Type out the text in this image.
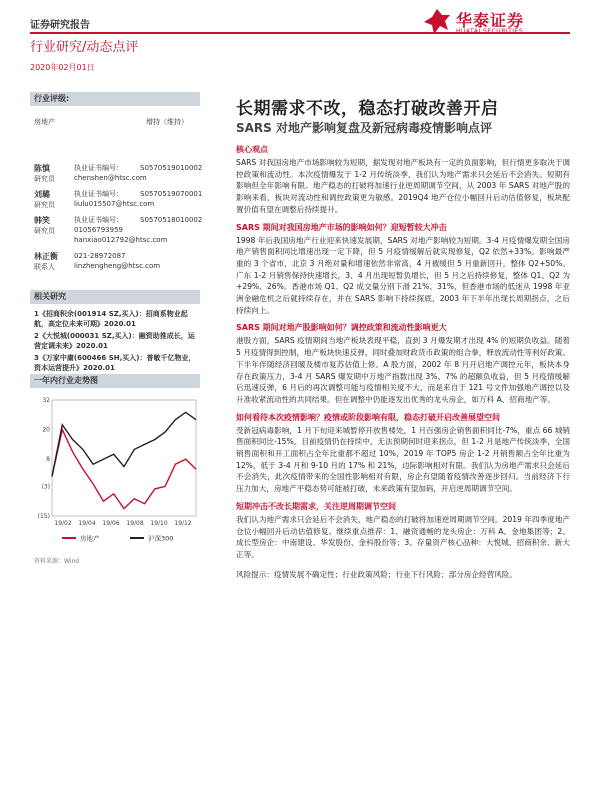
证券研究报告	华泰证券
行业研究/动态点评
2020年02月01日
行业评级:
房地产	增持（维持）
陈慎
研究员
执业证书编号： S0570519010002
chenshen@htsc.com
刘璐
研究员
执业证书编号： S0570519070001
liulu015507@htsc.com
韩笑
研究员
执业证书编号： S0570518010002
01056793959
hanxiao012792@htsc.com
林正衡
联系人
021-28972087
linzhengheng@htsc.com
相关研究
1《招商积余(001914 SZ,买入)：招商系物业起航，高定位未来可期》2020.01
2《大悦城(000031 SZ,买入)：融资助推成长，运营定调未来》2020.01
3《万家中庸(600466 SH,买入)：普敏千亿物业，资本运营提升》2020.01
一年内行业走势图
(15)
(3)
8
20
32
19/02 19/04 19/06 19/08 19/10 19/12
房地产	沪深300
资料来源：Wind
长期需求不改，稳态打破改善开启
SARS 对地产影响复盘及新冠病毒疫情影响点评
核心观点
SARS 对我国房地产市场影响较为短期，据发现对地产板块有一定的负面影响，但行情更多取决于调控政策和流动性。本次疫情爆发于 1-2 月传统淡季，我们认为地产需求只会延后不会消失。短期有影响但全年影响有限。地产稳态的打破将加速行业逆周期调节空间，从 2003 年 SARS 对地产股的影响来看，板块对流动性和调控政策更为敏感。2019Q4 地产仓位小幅回升后动估值修复，板块配置价值有望在调整后持续提升。
SARS 期间对我国房地产市场的影响如何？迎短暂较大冲击
1998 年后我国房地产行业迎来快速发展期，SARS 对地产影响较为短期。3-4 月疫情爆发期全国房地产销售面积同比增速出现一定下降，但 5 月疫情缓解后就实现修复，Q2 依然+33%。影响最严重的 3 个省市，北京 3 月绝对量和增速依然非常高，4 月被缓但 5 月重新回升，整体 Q2+50%。广东 1-2 月销售保持快速增长，3、4 月出现短暂负增长，但 5 月之后持续修复，整体 Q1、Q2 为+29%、26%。香港市场 Q1、Q2 成交量分别下滑 21%、31%，但香港市场的低迷从 1998 年亚洲金融危机之后就持续存在，并在 SARS 影响下持续探底，2003 年下半年出现长周期拐点，之后持续向上。
SARS 期间对地产股影响如何？调控政策和流动性影响更大
港股方面，SARS 疫情期间当地产板块表现平稳，直到 3 月爆发期才出现 4% 的短期负收益。随着 5 月疫情得到控制，地产板块快速反弹，同时叠加财政货币政策的组合拳，释放流动性等利好政策。下半年伴随经济回暖及楼市复苏估值上修。A 股方面，2002 年 8 月开启地产调控元年，板块本身存在政策压力，3-4 月 SARS 爆发期中万地产指数出现 3%、7% 的超额负收益，但 5 月疫情缓解后迅速反弹，6 月后的再次调整可能与疫情相关度不大，而是来自于 121 号文件加强地产调控以及升准收紧流动性的共同结果。但在调整中仍能逐发出优秀的龙头房企，如万科 A、招商地产等。
如何看待本次疫情影响？疫情或阶段影响有限，稳态打破开启改善展望空间
受新冠病毒影响，1 月下旬迎来城暂停开放售楼处，1 月百强房企销售面积同比-7%，重点 66 城销售面积同比-15%。目前疫情仍在持续中，无法预期何时迎来拐点，但 1-2 月是地产传统淡季，全国销售面积和开工面积占全年比重都不超过 10%，2019 年 TOP5 房企 1-2 月销售额占全年比重为 12%，低于 3-4 月和 9-10 月的 17% 和 21%，边际影响相对有限。我们认为房地产需求只会延后不会消失，此次疫情带来的全国性影响相对有限，房企有望随着疫情改善逐步回归。当前经济下行压力加大，房地产平稳态势可能被打破，未来政策有望加码，开启逆周期调节空间。
短期冲击不改长期需求，关注逆周期调节空间
我们认为地产需求只会延后不会消失，地产稳态的打破将加速逆周期调节空间。2019 年四季度地产仓位小幅回升后动估值修复。继续重点推荐：1、融资通畅的龙头房企：万科 A、金地集团等；2、成长型房企：中南建设、华发股份、金科股份等；3、存量资产核心品种：大悦城、招商积余、新大正等。
风险提示：疫情发展不确定性；行业政策风险；行业下行风险；部分房企经营风险。
